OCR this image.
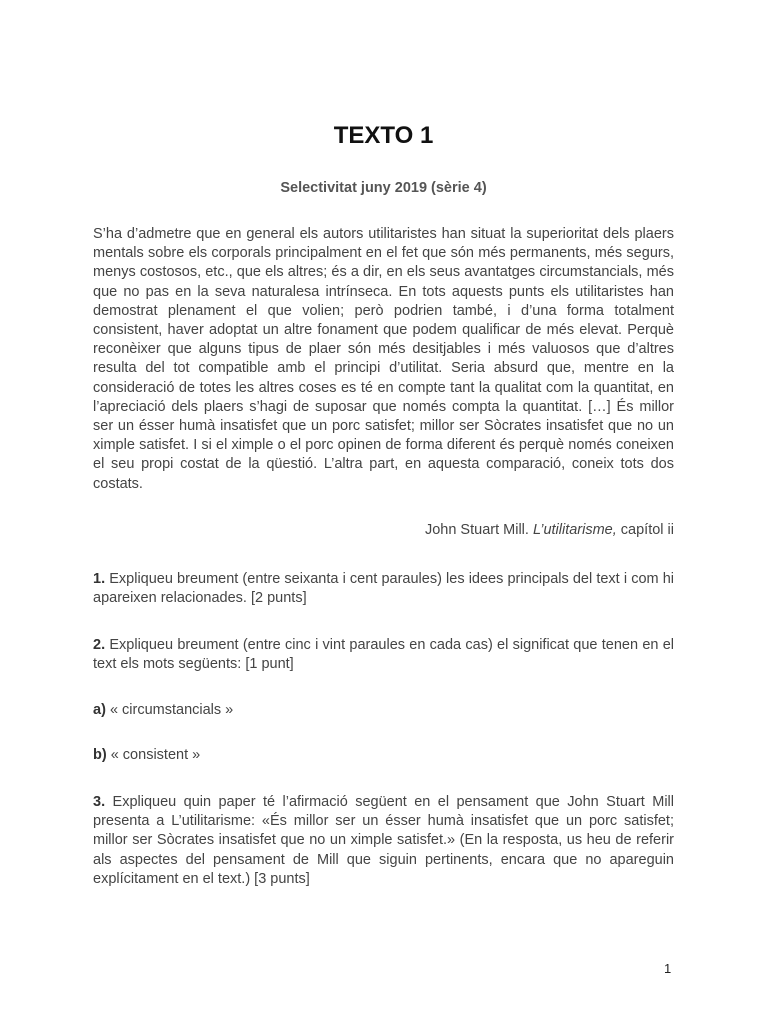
TEXTO 1
Selectivitat juny 2019 (sèrie 4)

S’ha d’admetre que en general els autors utilitaristes han situat la superioritat dels plaers mentals sobre els corporals principalment en el fet que són més permanents, més segurs, menys costosos, etc., que els altres; és a dir, en els seus avantatges circumstancials, més que no pas en la seva naturalesa intrínseca. En tots aquests punts els utilitaristes han demostrat plenament el que volien; però podrien també, i d’una forma totalment consistent, haver adoptat un altre fonament que podem qualificar de més elevat. Perquè reconèixer que alguns tipus de plaer són més desitjables i més valuosos que d’altres resulta del tot compatible amb el principi d’utilitat. Seria absurd que, mentre en la consideració de totes les altres coses es té en compte tant la qualitat com la quantitat, en l’apreciació dels plaers s’hagi de suposar que només compta la quantitat. […] És millor ser un ésser humà insatisfet que un porc satisfet; millor ser Sòcrates insatisfet que no un ximple satisfet. I si el ximple o el porc opinen de forma diferent és perquè només coneixen el seu propi costat de la qüestió. L’altra part, en aquesta comparació, coneix tots dos costats.

John Stuart Mill. L’utilitarisme, capítol ii

1. Expliqueu breument (entre seixanta i cent paraules) les idees principals del text i com hi apareixen relacionades. [2 punts]

2. Expliqueu breument (entre cinc i vint paraules en cada cas) el significat que tenen en el text els mots següents: [1 punt]

a) « circumstancials »

b) « consistent »

3. Expliqueu quin paper té l’afirmació següent en el pensament que John Stuart Mill presenta a L’utilitarisme: «És millor ser un ésser humà insatisfet que un porc satisfet; millor ser Sòcrates insatisfet que no un ximple satisfet.» (En la resposta, us heu de referir als aspectes del pensament de Mill que siguin pertinents, encara que no apareguin explícitament en el text.) [3 punts]

1
